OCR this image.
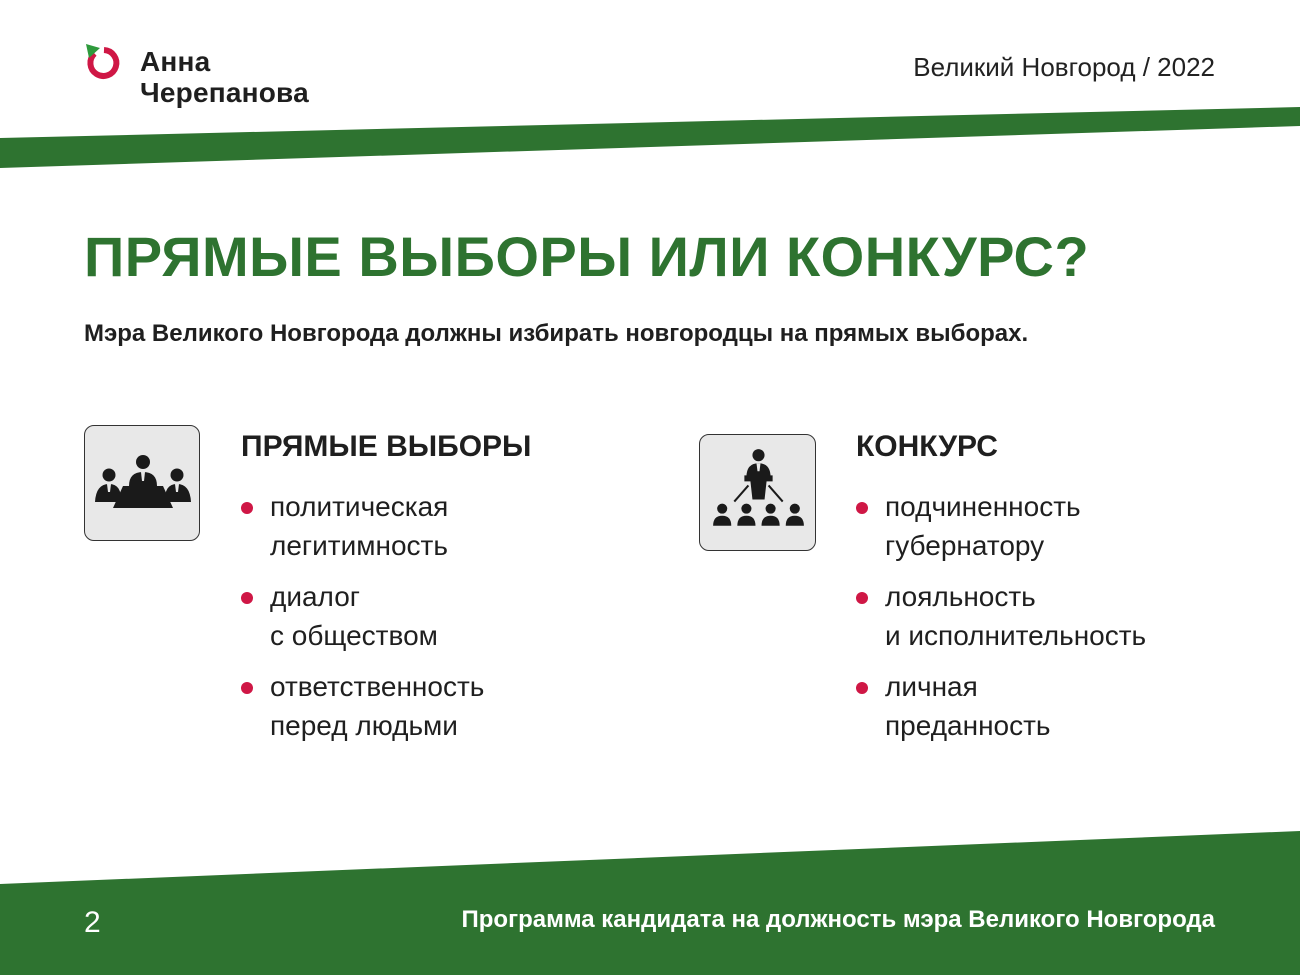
Анна
Черепанова
Великий Новгород / 2022
ПРЯМЫЕ ВЫБОРЫ ИЛИ КОНКУРС?
Мэра Великого Новгорода должны избирать новгородцы на прямых выборах.
ПРЯМЫЕ ВЫБОРЫ
политическая
легитимность
диалог
с обществом
ответственность
перед людьми
КОНКУРС
подчиненность
губернатору
лояльность
и исполнительность
личная
преданность
2	Программа кандидата на должность мэра Великого Новгорода
